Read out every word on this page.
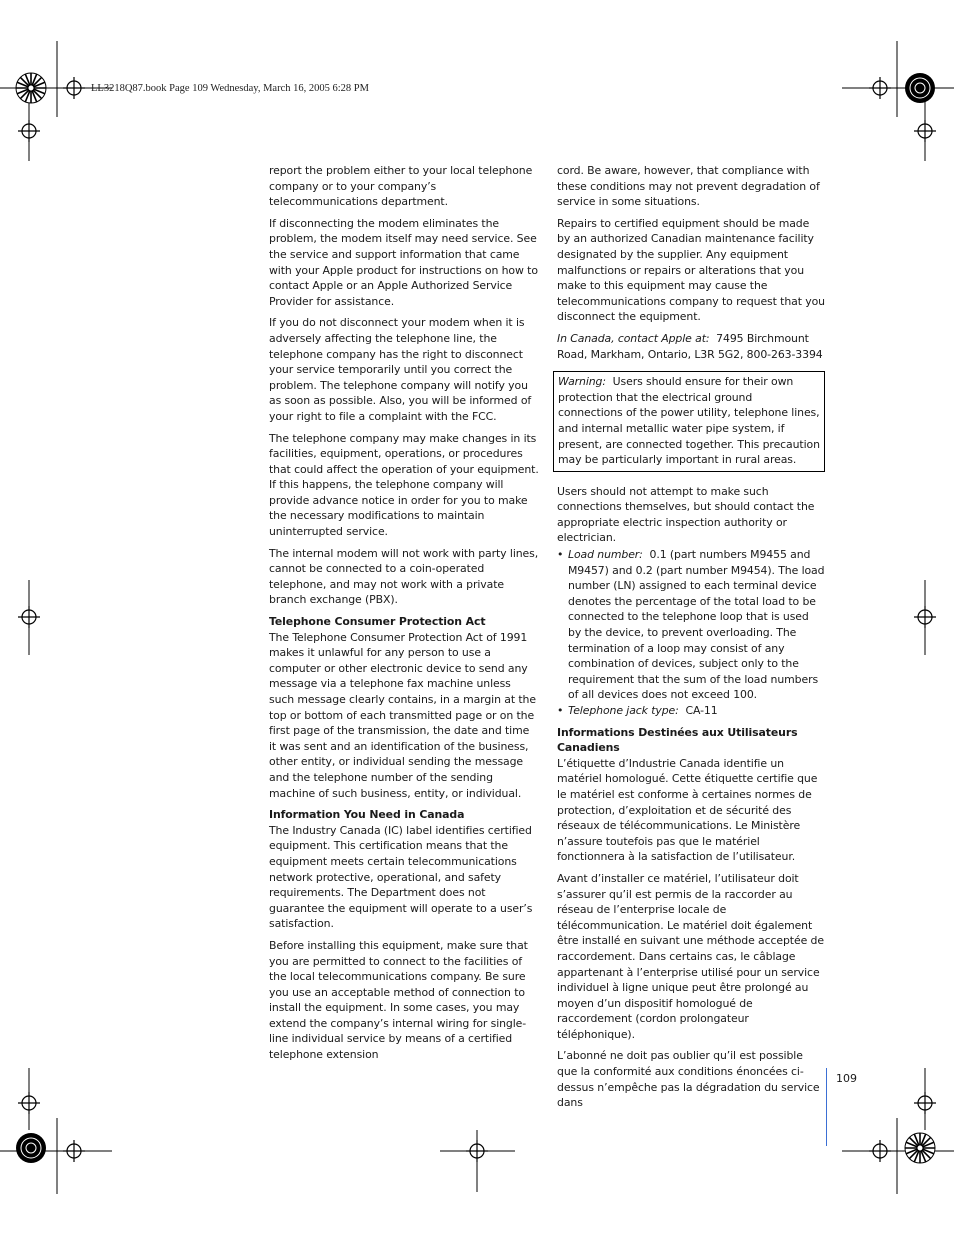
LL3218Q87.book Page 109 Wednesday, March 16, 2005 6:28 PM

report the problem either to your local telephone company or to your company’s telecommunications department.

If disconnecting the modem eliminates the problem, the modem itself may need service. See the service and support information that came with your Apple product for instructions on how to contact Apple or an Apple Authorized Service Provider for assistance.

If you do not disconnect your modem when it is adversely affecting the telephone line, the telephone company has the right to disconnect your service temporarily until you correct the problem. The telephone company will notify you as soon as possible. Also, you will be informed of your right to file a complaint with the FCC.

The telephone company may make changes in its facilities, equipment, operations, or procedures that could affect the operation of your equipment. If this happens, the telephone company will provide advance notice in order for you to make the necessary modifications to maintain uninterrupted service.

The internal modem will not work with party lines, cannot be connected to a coin-operated telephone, and may not work with a private branch exchange (PBX).

Telephone Consumer Protection Act

The Telephone Consumer Protection Act of 1991 makes it unlawful for any person to use a computer or other electronic device to send any message via a telephone fax machine unless such message clearly contains, in a margin at the top or bottom of each transmitted page or on the first page of the transmission, the date and time it was sent and an identification of the business, other entity, or individual sending the message and the telephone number of the sending machine of such business, entity, or individual.

Information You Need in Canada

The Industry Canada (IC) label identifies certified equipment. This certification means that the equipment meets certain telecommunications network protective, operational, and safety requirements. The Department does not guarantee the equipment will operate to a user’s satisfaction.

Before installing this equipment, make sure that you are permitted to connect to the facilities of the local telecommunications company. Be sure you use an acceptable method of connection to install the equipment. In some cases, you may extend the company’s internal wiring for single-line individual service by means of a certified telephone extension

cord. Be aware, however, that compliance with these conditions may not prevent degradation of service in some situations.

Repairs to certified equipment should be made by an authorized Canadian maintenance facility designated by the supplier. Any equipment malfunctions or repairs or alterations that you make to this equipment may cause the telecommunications company to request that you disconnect the equipment.

In Canada, contact Apple at: 7495 Birchmount Road, Markham, Ontario, L3R 5G2, 800-263-3394

Warning: Users should ensure for their own protection that the electrical ground connections of the power utility, telephone lines, and internal metallic water pipe system, if present, are connected together. This precaution may be particularly important in rural areas.

Users should not attempt to make such connections themselves, but should contact the appropriate electric inspection authority or electrician.

• Load number: 0.1 (part numbers M9455 and M9457) and 0.2 (part number M9454). The load number (LN) assigned to each terminal device denotes the percentage of the total load to be connected to the telephone loop that is used by the device, to prevent overloading. The termination of a loop may consist of any combination of devices, subject only to the requirement that the sum of the load numbers of all devices does not exceed 100.
• Telephone jack type: CA-11
Informations Destinées aux Utilisateurs Canadiens

L’étiquette d’Industrie Canada identifie un matériel homologué. Cette étiquette certifie que le matériel est conforme à certaines normes de protection, d’exploitation et de sécurité des réseaux de télécommunications. Le Ministère n’assure toutefois pas que le matériel fonctionnera à la satisfaction de l’utilisateur.

Avant d’installer ce matériel, l’utilisateur doit s’assurer qu’il est permis de la raccorder au réseau de l’enterprise locale de télécommunication. Le matériel doit également être installé en suivant une méthode acceptée de raccordement. Dans certains cas, le câblage appartenant à l’enterprise utilisé pour un service individuel à ligne unique peut être prolongé au moyen d’un dispositif homologué de raccordement (cordon prolongateur téléphonique).

L’abonné ne doit pas oublier qu’il est possible que la conformité aux conditions énoncées ci-dessus n’empêche pas la dégradation du service dans

109
